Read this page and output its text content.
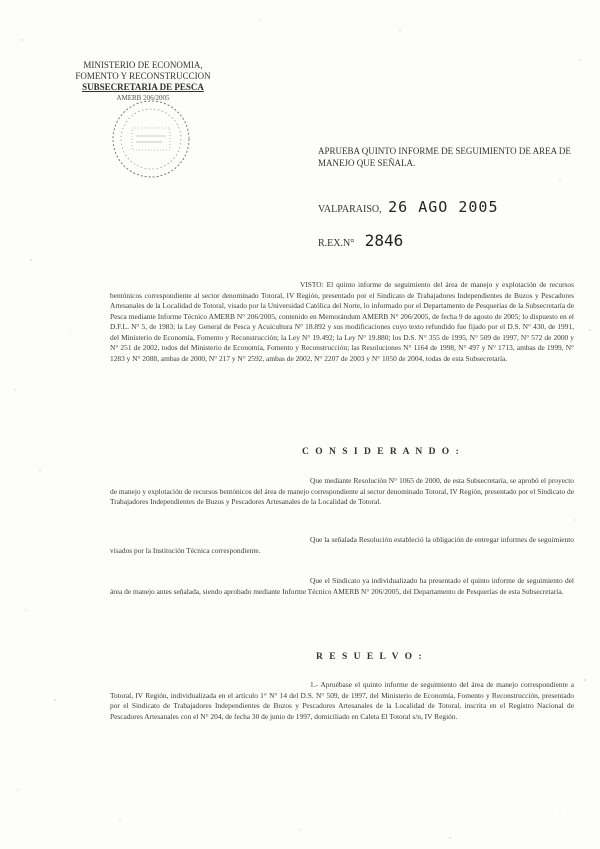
MINISTERIO DE ECONOMIA,
FOMENTO Y RECONSTRUCCION
SUBSECRETARIA DE PESCA
AMERB 206/2005
APRUEBA QUINTO INFORME DE SEGUIMIENTO DE AREA DE MANEJO QUE SEÑALA.
VALPARAISO, 26 AGO 2005
R.EX.N° 2846
VISTO: El quinto informe de seguimiento del área de manejo y explotación de recursos bentónicos correspondiente al sector denominado Totoral, IV Región, presentado por el Sindicato de Trabajadores Independientes de Buzos y Pescadores Artesanales de la Localidad de Totoral, visado por la Universidad Católica del Norte, lo informado por el Departamento de Pesquerías de la Subsecretaría de Pesca mediante Informe Técnico AMERB N° 206/2005, contenido en Memorándum AMERB N° 206/2005, de fecha 9 de agosto de 2005; lo dispuesto en el D.F.L. N° 5, de 1983; la Ley General de Pesca y Acuicultura N° 18.892 y sus modificaciones cuyo texto refundido fue fijado por el D.S. N° 430, de 1991, del Ministerio de Economía, Fomento y Reconstrucción; la Ley N° 19.492; la Ley N° 19.880; los D.S. N° 355 de 1995, N° 509 de 1997, N° 572 de 2000 y N° 251 de 2002, todos del Ministerio de Economía, Fomento y Reconstrucción; las Resoluciones N° 1164 de 1998, N° 497 y N° 1713, ambas de 1999, N° 1283 y N° 2088, ambas de 2000, N° 217 y N° 2592, ambas de 2002, N° 2207 de 2003 y N° 1050 de 2004, todas de esta Subsecretaría.
C O N S I D E R A N D O :
Que mediante Resolución N° 1065 de 2000, de esta Subsecretaría, se aprobó el proyecto de manejo y explotación de recursos bentónicos del área de manejo correspondiente al sector denominado Totoral, IV Región, presentado por el Sindicato de Trabajadores Independientes de Buzos y Pescadores Artesanales de la Localidad de Totoral.
Que la señalada Resolución estableció la obligación de entregar informes de seguimiento visados por la Institución Técnica correspondiente.
Que el Sindicato ya individualizado ha presentado el quinto informe de seguimiento del área de manejo antes señalada, siendo aprobado mediante Informe Técnico AMERB N° 206/2005, del Departamento de Pesquerías de esta Subsecretaría.
R E S U E L V O :
1.- Apruébase el quinto informe de seguimiento del área de manejo correspondiente a Totoral, IV Región, individualizada en el artículo 1° N° 14 del D.S. N° 509, de 1997, del Ministerio de Economía, Fomento y Reconstrucción, presentado por el Sindicato de Trabajadores Independientes de Buzos y Pescadores Artesanales de la Localidad de Totoral, inscrita en el Registro Nacional de Pescadores Artesanales con el N° 204, de fecha 30 de junio de 1997, domiciliado en Caleta El Totoral s/n, IV Región.
